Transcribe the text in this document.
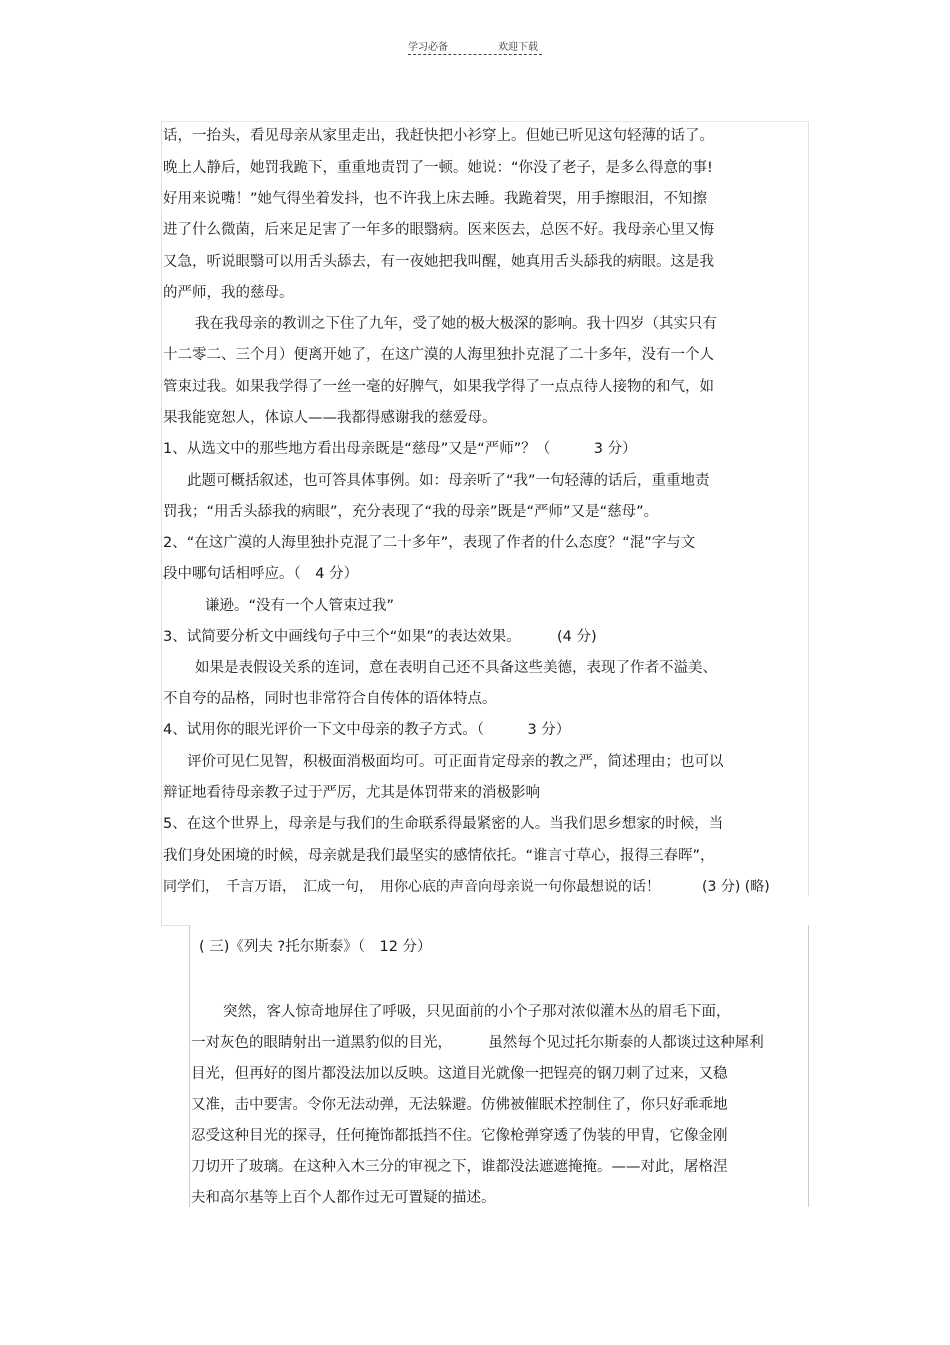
学习必备	欢迎下载
话，一抬头，看见母亲从家里走出，我赶快把小衫穿上。但她已听见这句轻薄的话了。
晚上人静后，她罚我跪下，重重地责罚了一顿。她说：“你没了老子，是多么得意的事!
好用来说嘴！”她气得坐着发抖，也不许我上床去睡。我跪着哭，用手擦眼泪，不知擦
进了什么微菌，后来足足害了一年多的眼翳病。医来医去，总医不好。我母亲心里又悔
又急，听说眼翳可以用舌头舔去，有一夜她把我叫醒，她真用舌头舔我的病眼。这是我
的严师，我的慈母。
我在我母亲的教训之下住了九年，受了她的极大极深的影响。我十四岁（其实只有
十二零二、三个月）便离开她了，在这广漠的人海里独扑克混了二十多年，没有一个人
管束过我。如果我学得了一丝一毫的好脾气，如果我学得了一点点待人接物的和气，如
果我能宽恕人，体谅人——我都得感谢我的慈爱母。
1、从选文中的那些地方看出母亲既是“慈母”又是“严师”？（　　　3 分）
此题可概括叙述，也可答具体事例。如：母亲听了“我”一句轻薄的话后，重重地责
罚我；“用舌头舔我的病眼”，充分表现了“我的母亲”既是“严师”又是“慈母”。
2、“在这广漠的人海里独扑克混了二十多年”，表现了作者的什么态度？“混”字与文
段中哪句话相呼应。（　4 分）
谦逊。“没有一个人管束过我”
3、试简要分析文中画线句子中三个“如果”的表达效果。　　　(4 分)
如果是表假设关系的连词，意在表明自己还不具备这些美德，表现了作者不溢美、
不自夸的品格，同时也非常符合自传体的语体特点。
4、试用你的眼光评价一下文中母亲的教子方式。（　　　3 分）
评价可见仁见智，积极面消极面均可。可正面肯定母亲的教之严，简述理由；也可以
辩证地看待母亲教子过于严厉，尤其是体罚带来的消极影响
5、在这个世界上，母亲是与我们的生命联系得最紧密的人。当我们思乡想家的时候，当
我们身处困境的时候，母亲就是我们最坚实的感情依托。“谁言寸草心，报得三春晖”，
同学们，　千言万语，　汇成一句，　用你心底的声音向母亲说一句你最想说的话！　　　(3 分) (略)
( 三)《列夫 ?托尔斯泰》（　12 分）
突然，客人惊奇地屏住了呼吸，只见面前的小个子那对浓似灌木丛的眉毛下面，
一对灰色的眼睛射出一道黑豹似的目光，　　　虽然每个见过托尔斯泰的人都谈过这种犀利
目光，但再好的图片都没法加以反映。这道目光就像一把锃亮的钢刀刺了过来，又稳
又准，击中要害。令你无法动弹，无法躲避。仿佛被催眠术控制住了，你只好乖乖地
忍受这种目光的探寻，任何掩饰都抵挡不住。它像枪弹穿透了伪装的甲胄，它像金刚
刀切开了玻璃。在这种入木三分的审视之下，谁都没法遮遮掩掩。——对此，屠格涅
夫和高尔基等上百个人都作过无可置疑的描述。
